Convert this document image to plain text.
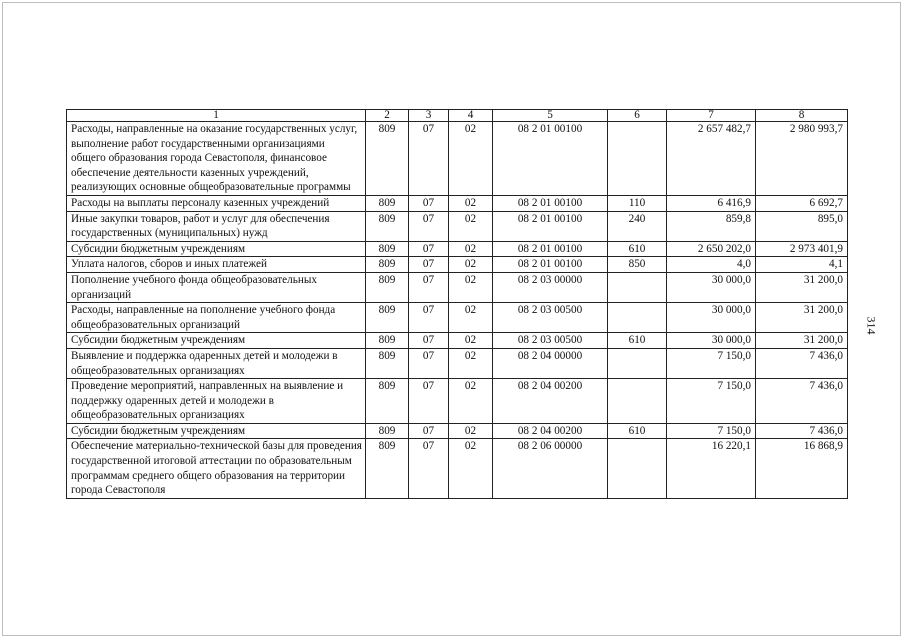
314
1	2	3	4	5	6	7	8
Расходы, направленные на оказание государственных услуг, выполнение работ государственными организациями общего образования города Севастополя, финансовое обеспечение деятельности казенных учреждений, реализующих основные общеобразовательные программы	809	07	02	08 2 01 00100		2 657 482,7	2 980 993,7
Расходы на выплаты персоналу казенных учреждений	809	07	02	08 2 01 00100	110	6 416,9	6 692,7
Иные закупки товаров, работ и услуг для обеспечения государственных (муниципальных) нужд	809	07	02	08 2 01 00100	240	859,8	895,0
Субсидии бюджетным учреждениям	809	07	02	08 2 01 00100	610	2 650 202,0	2 973 401,9
Уплата налогов, сборов и иных платежей	809	07	02	08 2 01 00100	850	4,0	4,1
Пополнение учебного фонда общеобразовательных организаций	809	07	02	08 2 03 00000		30 000,0	31 200,0
Расходы, направленные на пополнение учебного фонда общеобразовательных организаций	809	07	02	08 2 03 00500		30 000,0	31 200,0
Субсидии бюджетным учреждениям	809	07	02	08 2 03 00500	610	30 000,0	31 200,0
Выявление и поддержка одаренных детей и молодежи в общеобразовательных организациях	809	07	02	08 2 04 00000		7 150,0	7 436,0
Проведение мероприятий, направленных на выявление и поддержку одаренных детей и молодежи в общеобразовательных организациях	809	07	02	08 2 04 00200		7 150,0	7 436,0
Субсидии бюджетным учреждениям	809	07	02	08 2 04 00200	610	7 150,0	7 436,0
Обеспечение материально-технической базы для проведения государственной итоговой аттестации по образовательным программам среднего общего образования на территории города Севастополя	809	07	02	08 2 06 00000		16 220,1	16 868,9
